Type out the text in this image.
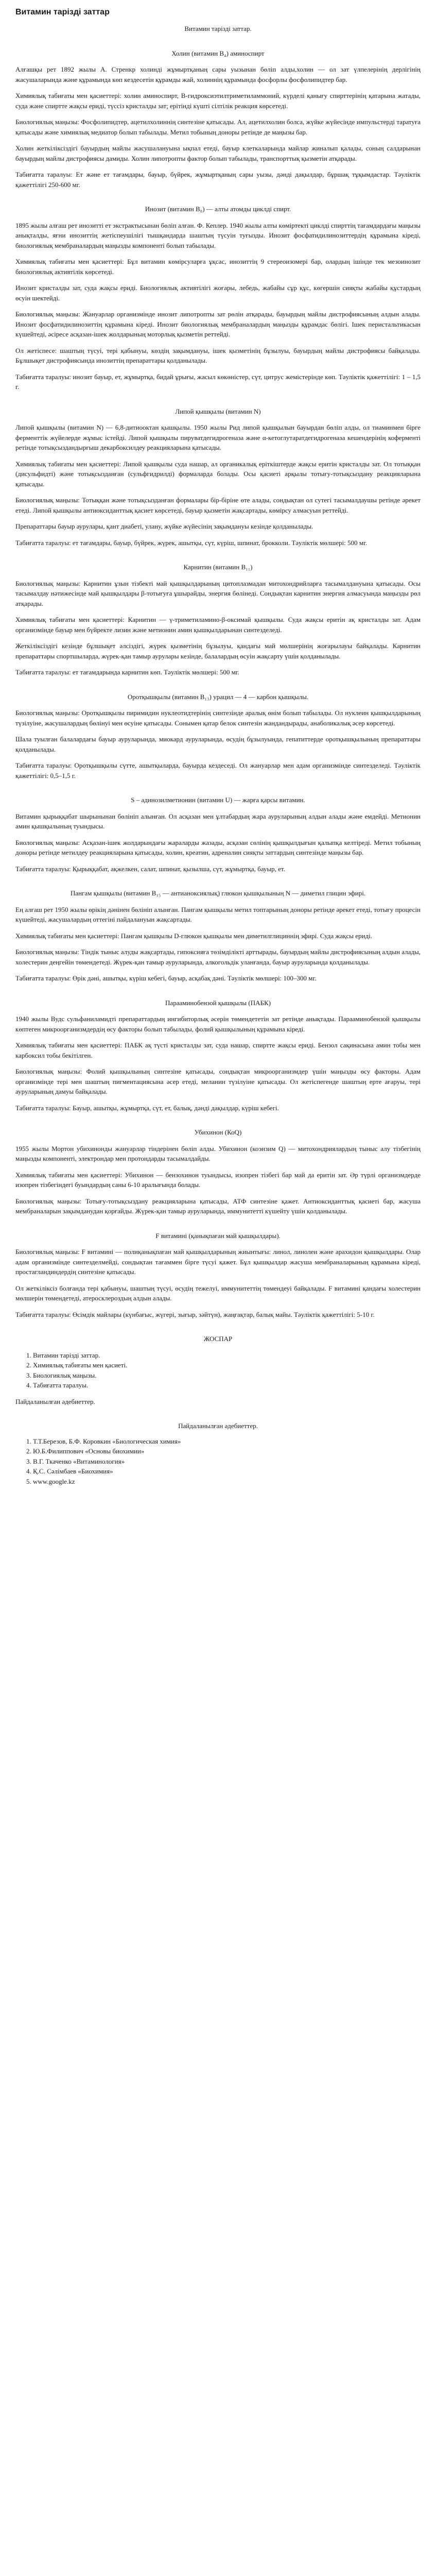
Витамин тарізді заттар
Витамин тарізді заттар.
Холин (витамин B₄) аминоспирт

Алғашқы рет 1892 жылы А. Стренкр холинді жұмыртқаның сары уызынан бөліп алды,холин — ол зат үлпелерінің дерлігінің жасушаларында және құрамында көп кездесетін құрамды жай, холиннің құрамында фосфорлы фосфолипидтер бар.

Химиялық табиғаты мен қасиеттері: холин аминоспирт, B-гидроксиэтилтриметиламмоний, күрделі қанығу спирттерінің қатарына жатады, суда және спиртте жақсы ериді, түссіз кристалды зат; ерітінді күшті сілтілік реакция көрсетеді.

Биологиялық маңызы: Фосфолипидтер, ацетилхолиннің синтезіне қатысады. Ал, ацетилхолин болса, жүйке жүйесінде импульстерді таратуға қатысады және химиялық медиатор болып табылады. Метил тобының доноры ретінде де маңызы бар.

Холин жеткіліксіздігі бауырдың майлы жасушалануына ықпал етеді, бауыр клеткаларында майлар жиналып қалады, соның салдарынан бауырдың майлы дистрофиясы дамиды. Холин липотропты фактор болып табылады, транспорттық қызметін атқарады.

Табиғатта таралуы: Ет және ет тағамдары, бауыр, бүйрек, жұмыртқаның сары уызы, дәнді дақылдар, бұршақ тұқымдастар. Тәуліктік қажеттілігі 250-600 мг.

Инозит (витамин B₈) — алты атомды циклді спирт.

1895 жылы алғаш рет инозитті ет экстрактысынан бөліп алған. Ф. Кеплер. 1940 жылы алты көміртекті циклді спирттің тағамдардағы маңызы анықталды, яғни инозиттің жетіспеушілігі тышқандарда шаштың түсуін туғызды. Инозит фосфатидилинозиттердің құрамына кіреді, биологиялық мембраналардың маңызды компоненті болып табылады.

Химиялық табиғаты мен қасиеттері: Бұл витамин көмірсуларға ұқсас, инозиттің 9 стереоизомері бар, олардың ішінде тек мезоинозит биологиялық активтілік көрсетеді.

Инозит кристалды зат, суда жақсы ериді. Биологиялық активтілігі жоғары, лебедь, жабайы сұр құс, көгершін сияқты жабайы құстардың өсуін шектейді.

Биологиялық маңызы: Жануарлар организмінде инозит липотропты зат рөлін атқарады, бауырдың майлы дистрофиясының алдын алады. Инозит фосфатидилинозиттің құрамына кіреді. Инозит биологиялық мембраналардың маңызды құрамдас бөлігі. Ішек перистальтикасын күшейтеді, әсіресе асқазан-ішек жолдарының моторлық қызметін реттейді.

Ол жетіспесе: шаштың түсуі, тері қабынуы, көздің зақымдануы, ішек қызметінің бұзылуы, бауырдың майлы дистрофиясы байқалады. Бұлшықет дистрофиясында инозиттің препараттары қолданылады.

Табиғатта таралуы: инозит бауыр, ет, жұмыртқа, бидай ұрығы, жасыл көкөністер, сүт, цитрус жемістерінде көп. Тәуліктік қажеттілігі: 1 – 1,5 г.

Липой қышқылы (витамин N)

Липой қышқылы (витамин N) — 6,8-дитиооктан қышқылы. 1950 жылы Рид липой қышқылын бауырдан бөліп алды, ол тиаминмен бірге ферменттік жүйелерде жұмыс істейді. Липой қышқылы пируватдегидрогеназа және α-кетоглутаратдегидрогеназа кешендерінің коферменті ретінде тотықсыздандырғыш декарбоксилдеу реакцияларына қатысады.

Химиялық табиғаты мен қасиеттері: Липой қышқылы суда нашар, ал органикалық еріткіштерде жақсы еритін кристалды зат. Ол тотыққан (дисульфидті) және тотықсызданған (сульфгидрилді) формаларда болады. Осы қасиеті арқылы тотығу-тотықсыздану реакцияларына қатысады.

Биологиялық маңызы: Тотыққан және тотықсызданған формалары бір-біріне өте алады, сондықтан ол сутегі тасымалдаушы ретінде әрекет етеді. Липой қышқылы антиоксиданттық қасиет көрсетеді, бауыр қызметін жақсартады, көмірсу алмасуын реттейді.

Препараттары бауыр аурулары, қант диабеті, улану, жүйке жүйесінің зақымдануы кезінде қолданылады.

Табиғатта таралуы: ет тағамдары, бауыр, бүйрек, жүрек, ашытқы, сүт, күріш, шпинат, брокколи. Тәуліктік мөлшері: 500 мг.

Карнитин (витамин B₁₁)

Биологиялық маңызы: Карнитин ұзын тізбекті май қышқылдарының цитоплазмадан митохондрийларға тасымалдануына қатысады. Осы тасымалдау нәтижесінде май қышқылдары β-тотығуға ұшырайды, энергия бөлінеді. Сондықтан карнитин энергия алмасуында маңызды рөл атқарады.

Химиялық табиғаты мен қасиеттері: Карнитин — γ-триметиламино-β-оксимай қышқылы. Суда жақсы еритін ақ кристалды зат. Адам организмінде бауыр мен бүйректе лизин және метионин амин қышқылдарынан синтезделеді.

Жеткіліксіздігі кезінде бұлшықет әлсіздігі, жүрек қызметінің бұзылуы, қандағы май мөлшерінің жоғарылауы байқалады. Карнитин препараттары спортшыларда, жүрек-қан тамыр аурулары кезінде, балалардың өсуін жақсарту үшін қолданылады.

Табиғатта таралуы: ет тағамдарында карнитин көп. Тәуліктік мөлшері: 500 мг.

Оротқышқылы (витамин B₁₃) урацил — 4 — карбон қышқылы.

Биологиялық маңызы: Оротқышқылы пиримидин нуклеотидтерінің синтезінде аралық өнім болып табылады. Ол нуклеин қышқылдарының түзілуіне, жасушалардың бөлінуі мен өсуіне қатысады. Сонымен қатар белок синтезін жандандырады, анаболикалық әсер көрсетеді.

Шала туылған балалардағы бауыр ауруларында, миокард ауруларында, өсудің бұзылуында, гепатиттерде оротқышқылының препараттары қолданылады.

Табиғатта таралуы: Оротқышқылы сүтте, ашытқыларда, бауырда кездеседі. Ол жануарлар мен адам организмінде синтезделеді. Тәуліктік қажеттілігі: 0,5–1,5 г.

S – адинозилметионин (витамин U) — жарға қарсы витамин.

Витамин қырыққабат шырынынан бөлініп алынған. Ол асқазан мен ұлтабардың жара ауруларының алдын алады және емдейді. Метионин амин қышқылының туындысы.

Биологиялық маңызы: Асқазан-ішек жолдарындағы жараларды жазады, асқазан сөлінің қышқылдығын қалыпқа келтіреді. Метил тобының доноры ретінде метилдеу реакцияларына қатысады, холин, креатин, адреналин сияқты заттардың синтезінде маңызы бар.

Табиғатта таралуы: Қырыққабат, ақжелкен, салат, шпинат, қызылша, сүт, жұмыртқа, бауыр, ет.

Пангам қышқылы (витамин B₁₅ — антианоксиялық) глюкон қышқылының N — диметил глицин эфирі.

Ең алғаш рет 1950 жылы өрікің дәнінен бөлініп алынған. Пангам қышқылы метил топтарының доноры ретінде әрекет етеді, тотығу процесін күшейтеді, жасушалардың оттегіні пайдалануын жақсартады.

Химиялық табиғаты мен қасиеттері: Пангам қышқылы D-глюкон қышқылы мен диметилглициннің эфирі. Суда жақсы ериді.

Биологиялық маңызы: Тіндік тыныс алуды жақсартады, гипоксияға төзімділікті арттырады, бауырдың майлы дистрофиясының алдын алады, холестерин деңгейін төмендетеді. Жүрек-қан тамыр ауруларында, алкогольдік уланғанда, бауыр ауруларында қолданылады.

Табиғатта таралуы: Өрік дәні, ашытқы, күріш кебегі, бауыр, асқабақ дәні. Тәуліктік мөлшері: 100–300 мг.

Парааминобензой қышқылы (ПАБК)

1940 жылы Вудс сульфаниламидті препараттардың ингибиторлық әсерін төмендететін зат ретінде анықтады. Парааминобензой қышқылы көптеген микроорганизмдердің өсу факторы болып табылады, фолий қышқылының құрамына кіреді.

Химиялық табиғаты мен қасиеттері: ПАБК ақ түсті кристалды зат, суда нашар, спиртте жақсы ериді. Бензол сақинасына амин тобы мен карбоксил тобы бекітілген.

Биологиялық маңызы: Фолий қышқылының синтезіне қатысады, сондықтан микроорганизмдер үшін маңызды өсу факторы. Адам организмінде тері мен шаштың пигментациясына әсер етеді, меланин түзілуіне қатысады. Ол жетіспегенде шаштың ерте ағаруы, тері ауруларының дамуы байқалады.

Табиғатта таралуы: Бауыр, ашытқы, жұмыртқа, сүт, ет, балық, дәнді дақылдар, күріш кебегі.

Убихинон (КоQ)

1955 жылы Мортон убихинонды жануарлар тіндерінен бөліп алды. Убихинон (коэнзим Q) — митохондриялардың тыныс алу тізбегінің маңызды компоненті, электрондар мен протондарды тасымалдайды.

Химиялық табиғаты мен қасиеттері: Убихинон — бензохинон туындысы, изопрен тізбегі бар май да еритін зат. Әр түрлі организмдерде изопрен тізбегіндегі буындардың саны 6-10 аралығында болады.

Биологиялық маңызы: Тотығу-тотықсыздану реакцияларына қатысады, АТФ синтезіне қажет. Антиоксиданттық қасиеті бар, жасуша мембраналарын зақымданудан қорғайды. Жүрек-қан тамыр ауруларында, иммунитетті күшейту үшін қолданылады.

F витамині (қанықпаған май қышқылдары).

Биологиялық маңызы: F витамині — полиқанықпаған май қышқылдарының жиынтығы: линол, линолен және арахидон қышқылдары. Олар адам организмінде синтезделмейді, сондықтан тағаммен бірге түсуі қажет. Бұл қышқылдар жасуша мембраналарының құрамына кіреді, простагландиндердің синтезіне қатысады.

Ол жеткіліксіз болғанда тері қабынуы, шаштың түсуі, өсудің тежелуі, иммунитеттің төмендеуі байқалады. F витамині қандағы холестерин мөлшерін төмендетеді, атеросклероздың алдын алады.

Табиғатта таралуы: Өсімдік майлары (күнбағыс, жүгері, зығыр, зәйтүн), жаңғақтар, балық майы. Тәуліктік қажеттілігі: 5-10 г.

ЖОСПАР
1. Витамин тарізді заттар.
2. Химиялық табиғаты мен қасиеті.
3. Биологиялық маңызы.
4. Табиғатта таралуы.
Пайдаланылған әдебиеттер.
Пайдаланылған әдебиеттер.
1. Т.Т.Березов, Б.Ф. Коровкин «Биологическая химия»
2. Ю.Б.Филиппович «Основы биохимии»
3. В.Г. Ткаченко «Витаминология»
4. Қ.С. Сәлімбаев «Биохимия»
5. www.google.kz
